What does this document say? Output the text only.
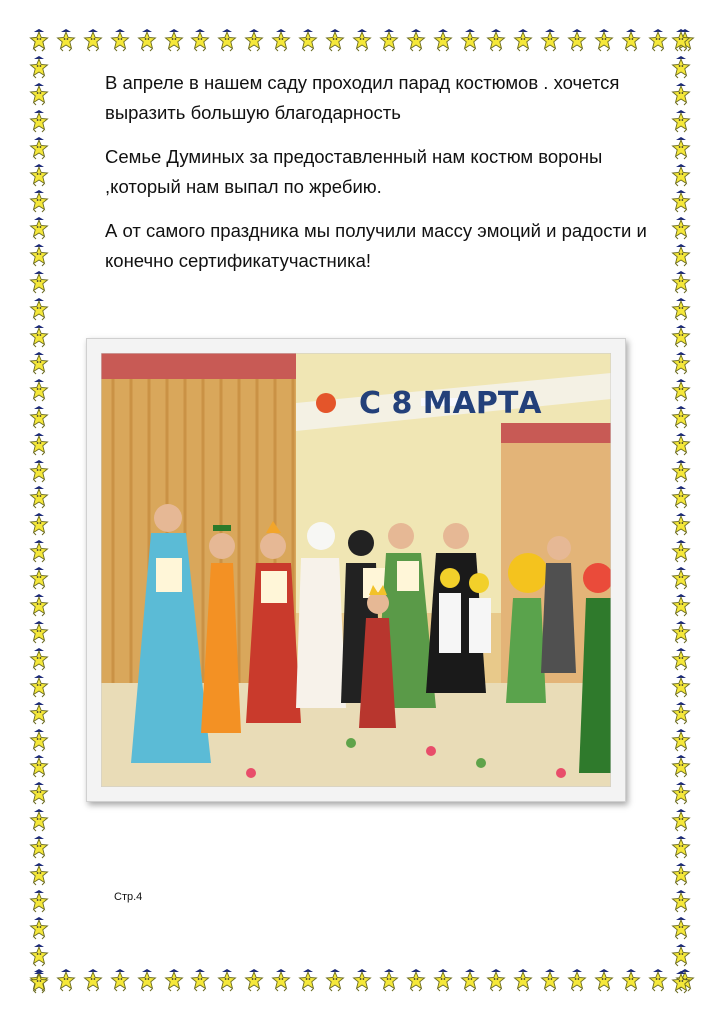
В апреле в нашем саду проходил парад костюмов . хочется выразить большую благодарность

Семье Думиных за предоставленный нам костюм вороны ,который нам выпал по жребию.

А от самого праздника мы получили массу эмоций и радости и конечно сертификатучастника!

С 8 МАРТА
Стр.4
